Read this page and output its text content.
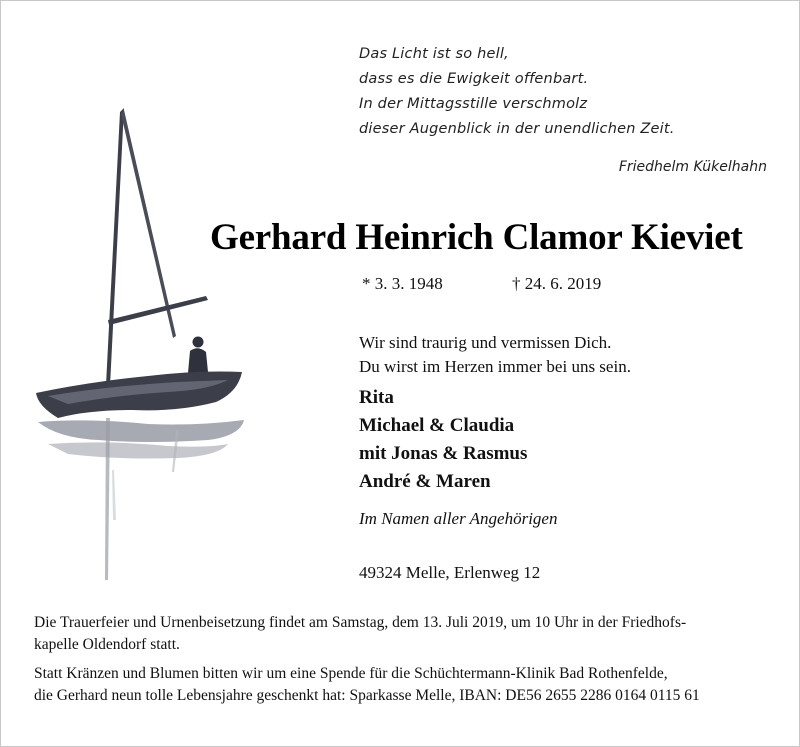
Das Licht ist so hell,
dass es die Ewigkeit offenbart.
In der Mittagsstille verschmolz
dieser Augenblick in der unendlichen Zeit.
Friedhelm Kükelhahn
Gerhard Heinrich Clamor Kieviet
* 3. 3. 1948	† 24. 6. 2019
Wir sind traurig und vermissen Dich.
Du wirst im Herzen immer bei uns sein.
Rita
Michael & Claudia
mit Jonas & Rasmus
André & Maren
Im Namen aller Angehörigen
49324 Melle, Erlenweg 12
Die Trauerfeier und Urnenbeisetzung findet am Samstag, dem 13. Juli 2019, um 10 Uhr in der Friedhofs-
kapelle Oldendorf statt.
Statt Kränzen und Blumen bitten wir um eine Spende für die Schüchtermann-Klinik Bad Rothenfelde,
die Gerhard neun tolle Lebensjahre geschenkt hat: Sparkasse Melle, IBAN: DE56 2655 2286 0164 0115 61
